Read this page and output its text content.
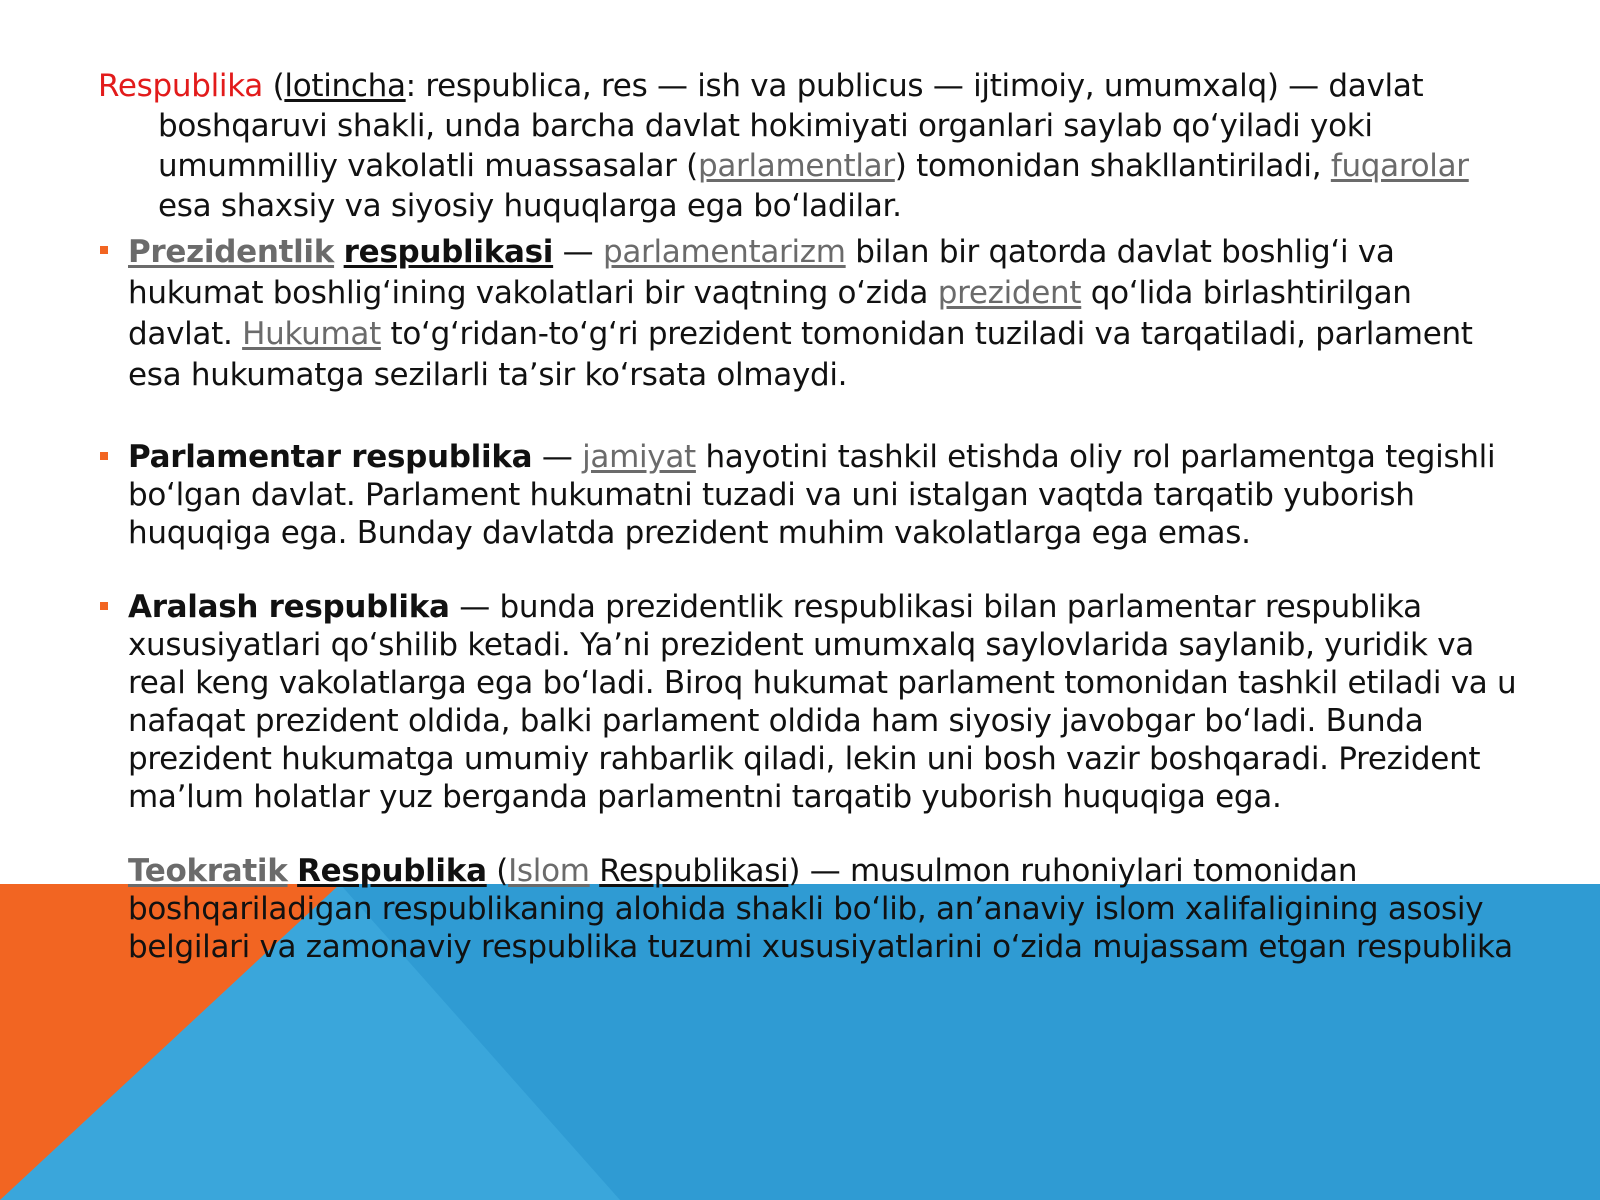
Respublika (lotincha: respublica, res — ish va publicus — ijtimoiy, umumxalq) — davlat boshqaruvi shakli, unda barcha davlat hokimiyati organlari saylab qo‘yiladi yoki umummilliy vakolatli muassasalar (parlamentlar) tomonidan shakllantiriladi, fuqarolar esa shaxsiy va siyosiy huquqlarga ega bo‘ladilar.

Prezidentlik respublikasi — parlamentarizm bilan bir qatorda davlat boshlig‘i va hukumat boshlig‘ining vakolatlari bir vaqtning o‘zida prezident qo‘lida birlashtirilgan davlat. Hukumat to‘g‘ridan-to‘g‘ri prezident tomonidan tuziladi va tarqatiladi, parlament esa hukumatga sezilarli ta’sir ko‘rsata olmaydi.
Parlamentar respublika — jamiyat hayotini tashkil etishda oliy rol parlamentga tegishli bo‘lgan davlat. Parlament hukumatni tuzadi va uni istalgan vaqtda tarqatib yuborish huquqiga ega. Bunday davlatda prezident muhim vakolatlarga ega emas.
Aralash respublika — bunda prezidentlik respublikasi bilan parlamentar respublika xususiyatlari qo‘shilib ketadi. Ya’ni prezident umumxalq saylovlarida saylanib, yuridik va real keng vakolatlarga ega bo‘ladi. Biroq hukumat parlament tomonidan tashkil etiladi va u nafaqat prezident oldida, balki parlament oldida ham siyosiy javobgar bo‘ladi. Bunda prezident hukumatga umumiy rahbarlik qiladi, lekin uni bosh vazir boshqaradi. Prezident ma’lum holatlar yuz berganda parlamentni tarqatib yuborish huquqiga ega.
Teokratik Respublika (Islom Respublikasi) — musulmon ruhoniylari tomonidan boshqariladigan respublikaning alohida shakli bo‘lib, an’anaviy islom xalifaligining asosiy belgilari va zamonaviy respublika tuzumi xususiyatlarini o‘zida mujassam etgan respublika
